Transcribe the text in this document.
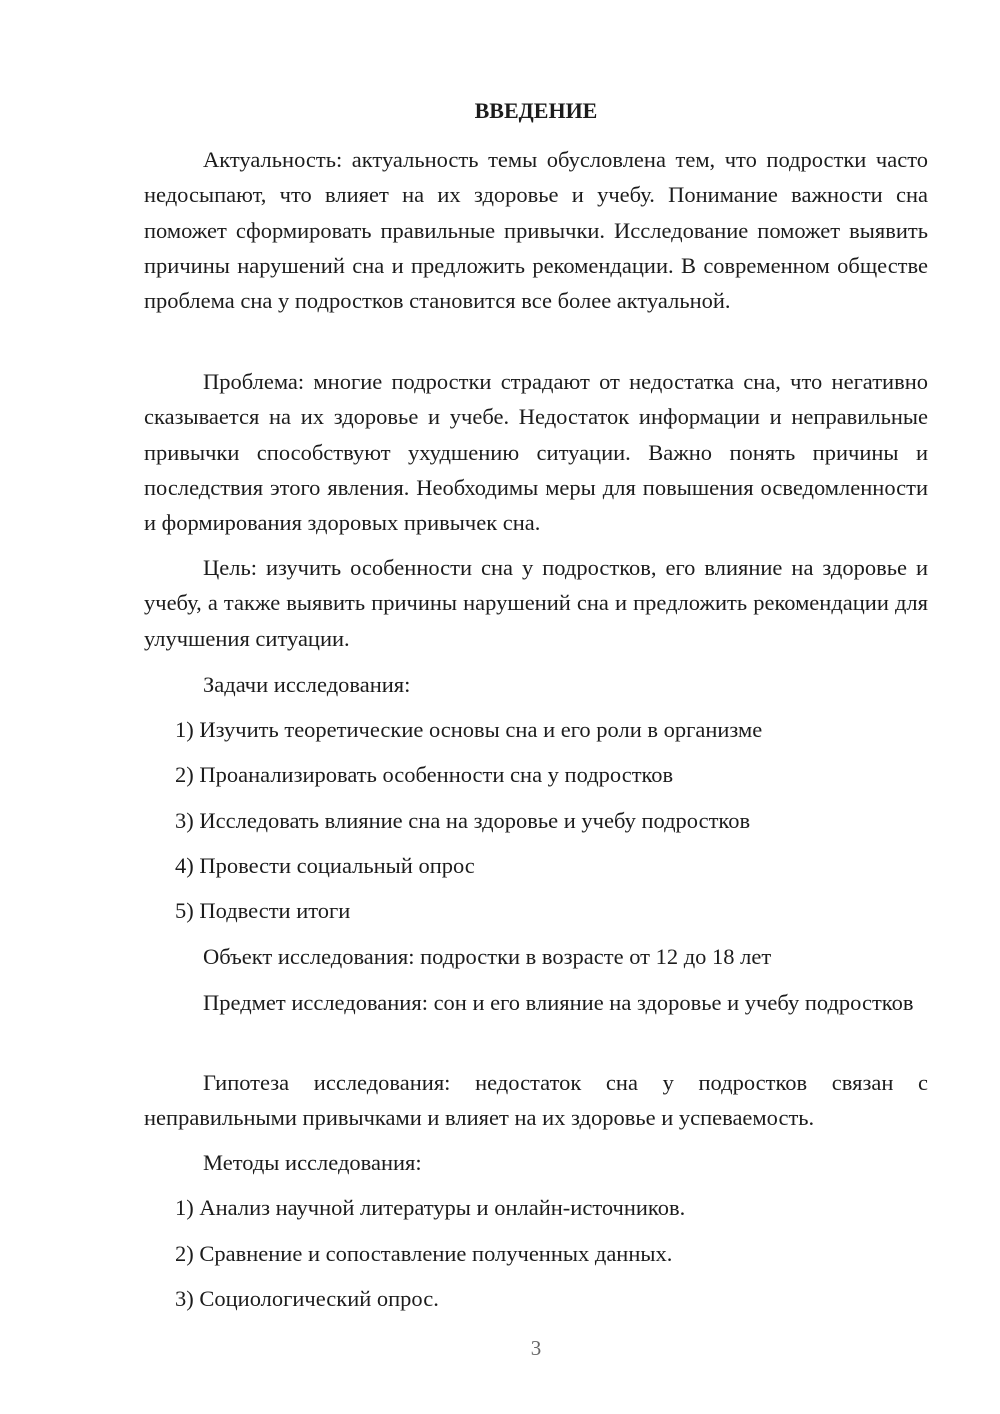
ВВЕДЕНИЕ

Актуальность: актуальность темы обусловлена тем, что подростки часто недосыпают, что влияет на их здоровье и учебу. Понимание важности сна поможет сформировать правильные привычки. Исследование поможет выявить причины нарушений сна и предложить рекомендации. В современном обществе проблема сна у подростков становится все более актуальной.

Проблема: многие подростки страдают от недостатка сна, что негативно сказывается на их здоровье и учебе. Недостаток информации и неправильные привычки способствуют ухудшению ситуации. Важно понять причины и последствия этого явления. Необходимы меры для повышения осведомленности и формирования здоровых привычек сна.

Цель: изучить особенности сна у подростков, его влияние на здоровье и учебу, а также выявить причины нарушений сна и предложить рекомендации для улучшения ситуации.

Задачи исследования:

1) Изучить теоретические основы сна и его роли в организме

2) Проанализировать особенности сна у подростков

3) Исследовать влияние сна на здоровье и учебу подростков

4) Провести социальный опрос

5) Подвести итоги

Объект исследования: подростки в возрасте от 12 до 18 лет

Предмет исследования: сон и его влияние на здоровье и учебу подростков

Гипотеза исследования: недостаток сна у подростков связан с неправильными привычками и влияет на их здоровье и успеваемость.

Методы исследования:

1) Анализ научной литературы и онлайн-источников.

2) Сравнение и сопоставление полученных данных.

3) Социологический опрос.

3
